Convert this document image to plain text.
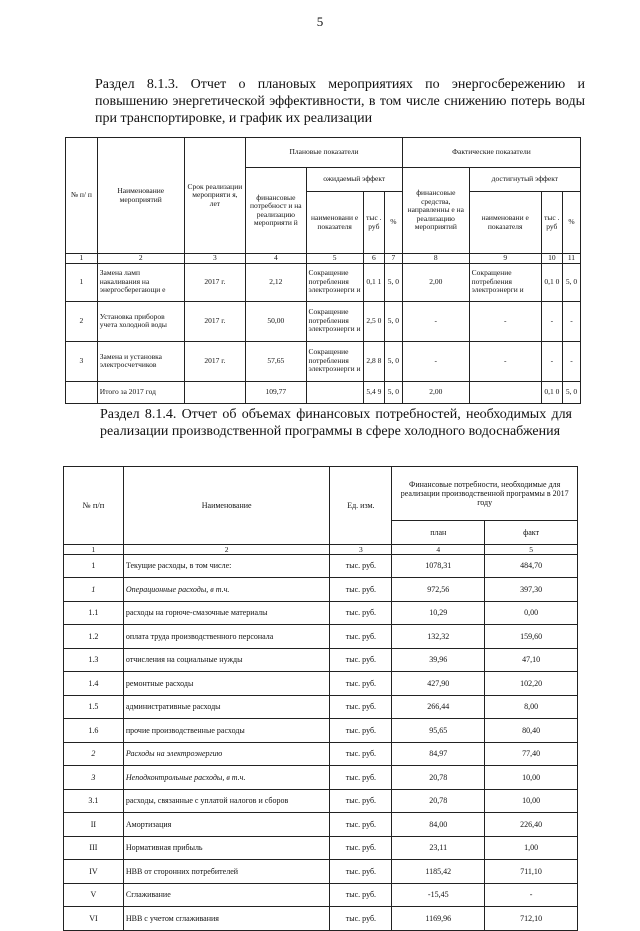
5
Раздел 8.1.3. Отчет о плановых мероприятиях по энергосбережению и повышению энергетической эффективности, в том числе снижению потерь воды при транспортировке, и график их реализации
№ п/ п	Наименование мероприятий	Срок реализации мероприяти я, лет	Плановые показатели				Фактические показатели			
			финансовые потребност и на реализацию мероприяти й	ожидаемый эффект			финансовые средства, направленны е на реализацию мероприятий	достигнутый эффект		
				наименовани е показателя	тыс . руб	%		наименовани е показателя	тыс . руб	%
1	2	3	4	5	6	7	8	9	10	11
1	Замена ламп накаливания на энергосберегающи е	2017 г.	2,12	Сокращение потребления электроэнерги и	0,1 1	5, 0	2,00	Сокращение потребления электроэнерги и	0,1 0	5, 0
2	Установка приборов учета холодной воды	2017 г.	50,00	Сокращение потребления электроэнерги и	2,5 0	5, 0	-	-	-	-
3	Замена и установка электросчетчиков	2017 г.	57,65	Сокращение потребления электроэнерги и	2,8 8	5, 0	-	-	-	-
	Итого за 2017 год		109,77		5,4 9	5, 0	2,00		0,1 0	5, 0
Раздел 8.1.4. Отчет об объемах финансовых потребностей, необходимых для реализации производственной программы в сфере холодного водоснабжения
№ п/п	Наименование	Ед. изм.	Финансовые потребности, необходимые для реализации производственной программы в 2017 году	
			план	факт
1	2	3	4	5
1	Текущие расходы, в том числе:	тыс. руб.	1078,31	484,70
1	Операционные расходы, в т.ч.	тыс. руб.	972,56	397,30
1.1	расходы на горюче-смазочные материалы	тыс. руб.	10,29	0,00
1.2	оплата труда производственного персонала	тыс. руб.	132,32	159,60
1.3	отчисления на социальные нужды	тыс. руб.	39,96	47,10
1.4	ремонтные расходы	тыс. руб.	427,90	102,20
1.5	административные расходы	тыс. руб.	266,44	8,00
1.6	прочие производственные расходы	тыс. руб.	95,65	80,40
2	Расходы на электроэнергию	тыс. руб.	84,97	77,40
3	Неподконтрольные расходы, в т.ч.	тыс. руб.	20,78	10,00
3.1	расходы, связанные с уплатой налогов и сборов	тыс. руб.	20,78	10,00
II	Амортизация	тыс. руб.	84,00	226,40
III	Нормативная прибыль	тыс. руб.	23,11	1,00
IV	НВВ от сторонних потребителей	тыс. руб.	1185,42	711,10
V	Сглаживание	тыс. руб.	-15,45	-
VI	НВВ с учетом сглаживания	тыс. руб.	1169,96	712,10
